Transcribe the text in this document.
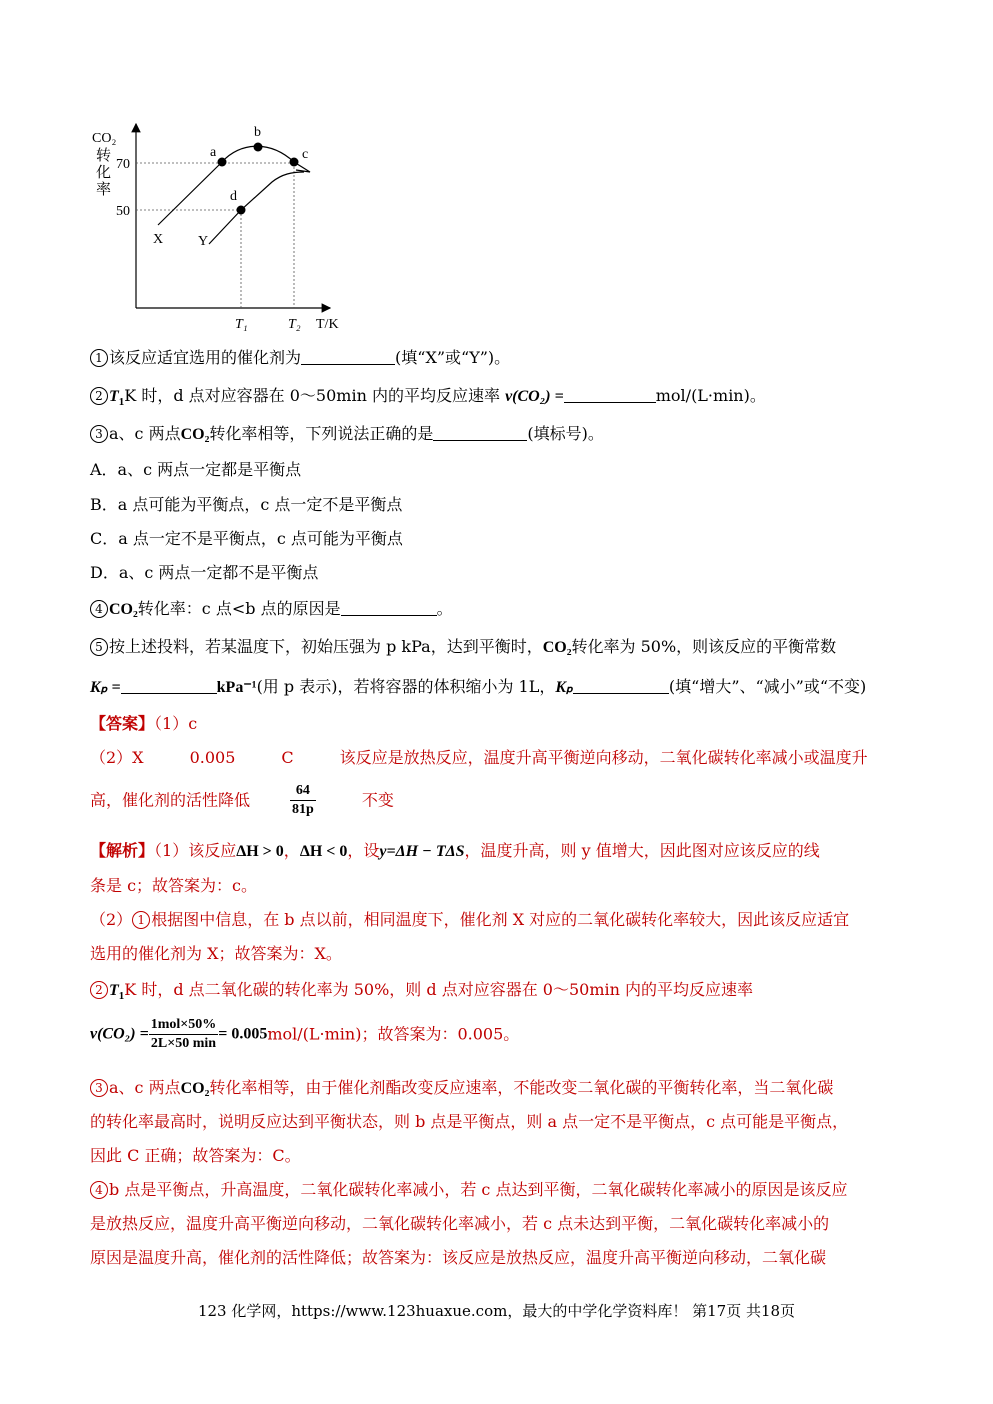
CO₂
转
化
率
70
50
T₁	T₂ T/K
X Y
a
b
c
d
1 该反应适宜选用的催化剂为	(填“X”或“Y”)。
2 $T_1K$ 时，d 点对应容器在 0～50min 内的平均反应速率 v(CO₂) =	mol/(L·min)。
3 a、c 两点CO₂转化率相等，下列说法正确的是	(填标号)。
A．a、c 两点一定都是平衡点
B．a 点可能为平衡点，c 点一定不是平衡点
C．a 点一定不是平衡点，c 点可能为平衡点
D．a、c 两点一定都不是平衡点
4 CO₂转化率：c 点<b 点的原因是	。
5 按上述投料，若某温度下，初始压强为 p kPa，达到平衡时，CO₂转化率为 50%，则该反应的平衡常数
Kₚ =	kPa⁻¹(用 p 表示)，若将容器的体积缩小为 1L，Kₚ	(填“增大”、“减小”或“不变)
【答案】（1）c
（2）X	0.005	C	该反应是放热反应，温度升高平衡逆向移动，二氧化碳转化率减小或温度升
高，催化剂的活性降低	$\frac{64}{81p}$	不变
【解析】（1）该反应ΔH > 0，ΔH < 0，设y=ΔH − TΔS，温度升高，则 y 值增大，因此图对应该反应的线
条是 c；故答案为：c。
（2） 1 根据图中信息，在 b 点以前，相同温度下，催化剂 X 对应的二氧化碳转化率较大，因此该反应适宜
选用的催化剂为 X；故答案为：X。
2 $T_1K$ 时，d 点二氧化碳的转化率为 50%，则 d 点对应容器在 0～50min 内的平均反应速率
$v(CO_2) = \frac{\text{1mol×50\%}}{2L\times 50 \min} = 0.005mol/(L\cdot\min)$；故答案为：0.005。
3 a、c 两点CO₂转化率相等，由于催化剂酯改变反应速率，不能改变二氧化碳的平衡转化率，当二氧化碳
的转化率最高时，说明反应达到平衡状态，则 b 点是平衡点，则 a 点一定不是平衡点，c 点可能是平衡点，
因此 C 正确；故答案为：C。
4 b 点是平衡点，升高温度，二氧化碳转化率减小，若 c 点达到平衡，二氧化碳转化率减小的原因是该反应
是放热反应，温度升高平衡逆向移动，二氧化碳转化率减小，若 c 点未达到平衡，二氧化碳转化率减小的
原因是温度升高，催化剂的活性降低；故答案为：该反应是放热反应，温度升高平衡逆向移动，二氧化碳
123 化学网，https://www.123huaxue.com，最大的中学化学资料库！ 第17页 共18页
